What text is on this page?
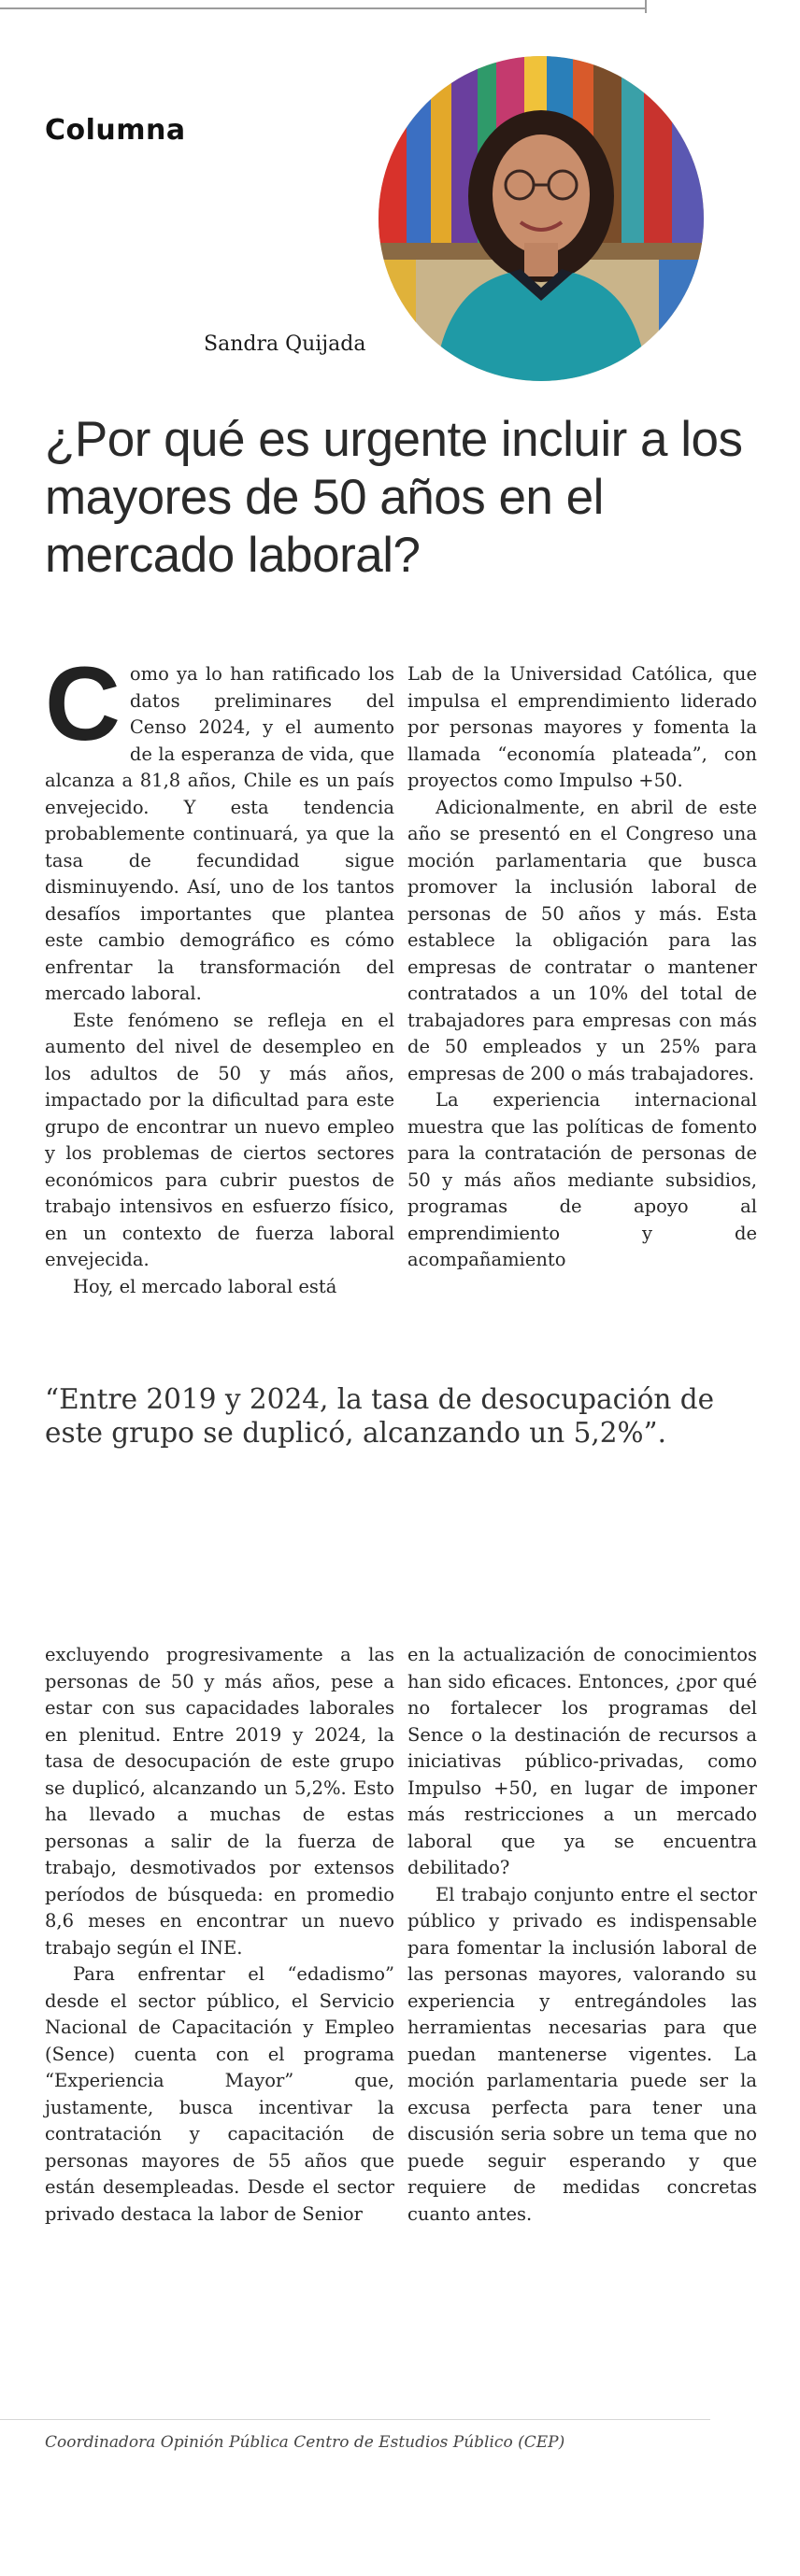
Columna
Sandra Quijada
¿Por qué es urgente incluir a los mayores de 50 años en el mercado laboral?

Como ya lo han ratificado los datos preliminares del Censo 2024, y el aumento de la esperanza de vida, que alcanza a 81,8 años, Chile es un país envejecido. Y esta tendencia probablemente continuará, ya que la tasa de fecundidad sigue disminuyendo. Así, uno de los tantos desafíos importantes que plantea este cambio demográfico es cómo enfrentar la transformación del mercado laboral.

Este fenómeno se refleja en el aumento del nivel de desempleo en los adultos de 50 y más años, impactado por la dificultad para este grupo de encontrar un nuevo empleo y los problemas de ciertos sectores económicos para cubrir puestos de trabajo intensivos en esfuerzo físico, en un contexto de fuerza laboral envejecida.

Hoy, el mercado laboral está

Lab de la Universidad Católica, que impulsa el emprendimiento liderado por personas mayores y fomenta la llamada “economía plateada”, con proyectos como Impulso +50.

Adicionalmente, en abril de este año se presentó en el Congreso una moción parlamentaria que busca promover la inclusión laboral de personas de 50 años y más. Esta establece la obligación para las empresas de contratar o mantener contratados a un 10% del total de trabajadores para empresas con más de 50 empleados y un 25% para empresas de 200 o más trabajadores.

La experiencia internacional muestra que las políticas de fomento para la contratación de personas de 50 y más años mediante subsidios, programas de apoyo al emprendimiento y de acompañamiento

“Entre 2019 y 2024, la tasa de desocupación de este grupo se duplicó, alcanzando un 5,2%”.

excluyendo progresivamente a las personas de 50 y más años, pese a estar con sus capacidades laborales en plenitud. Entre 2019 y 2024, la tasa de desocupación de este grupo se duplicó, alcanzando un 5,2%. Esto ha llevado a muchas de estas personas a salir de la fuerza de trabajo, desmotivados por extensos períodos de búsqueda: en promedio 8,6 meses en encontrar un nuevo trabajo según el INE.

Para enfrentar el “edadismo” desde el sector público, el Servicio Nacional de Capacitación y Empleo (Sence) cuenta con el programa “Experiencia Mayor” que, justamente, busca incentivar la contratación y capacitación de personas mayores de 55 años que están desempleadas. Desde el sector privado destaca la labor de Senior

en la actualización de conocimientos han sido eficaces. Entonces, ¿por qué no fortalecer los programas del Sence o la destinación de recursos a iniciativas público-privadas, como Impulso +50, en lugar de imponer más restricciones a un mercado laboral que ya se encuentra debilitado?

El trabajo conjunto entre el sector público y privado es indispensable para fomentar la inclusión laboral de las personas mayores, valorando su experiencia y entregándoles las herramientas necesarias para que puedan mantenerse vigentes. La moción parlamentaria puede ser la excusa perfecta para tener una discusión seria sobre un tema que no puede seguir esperando y que requiere de medidas concretas cuanto antes.

Coordinadora Opinión Pública Centro de Estudios Público (CEP)
